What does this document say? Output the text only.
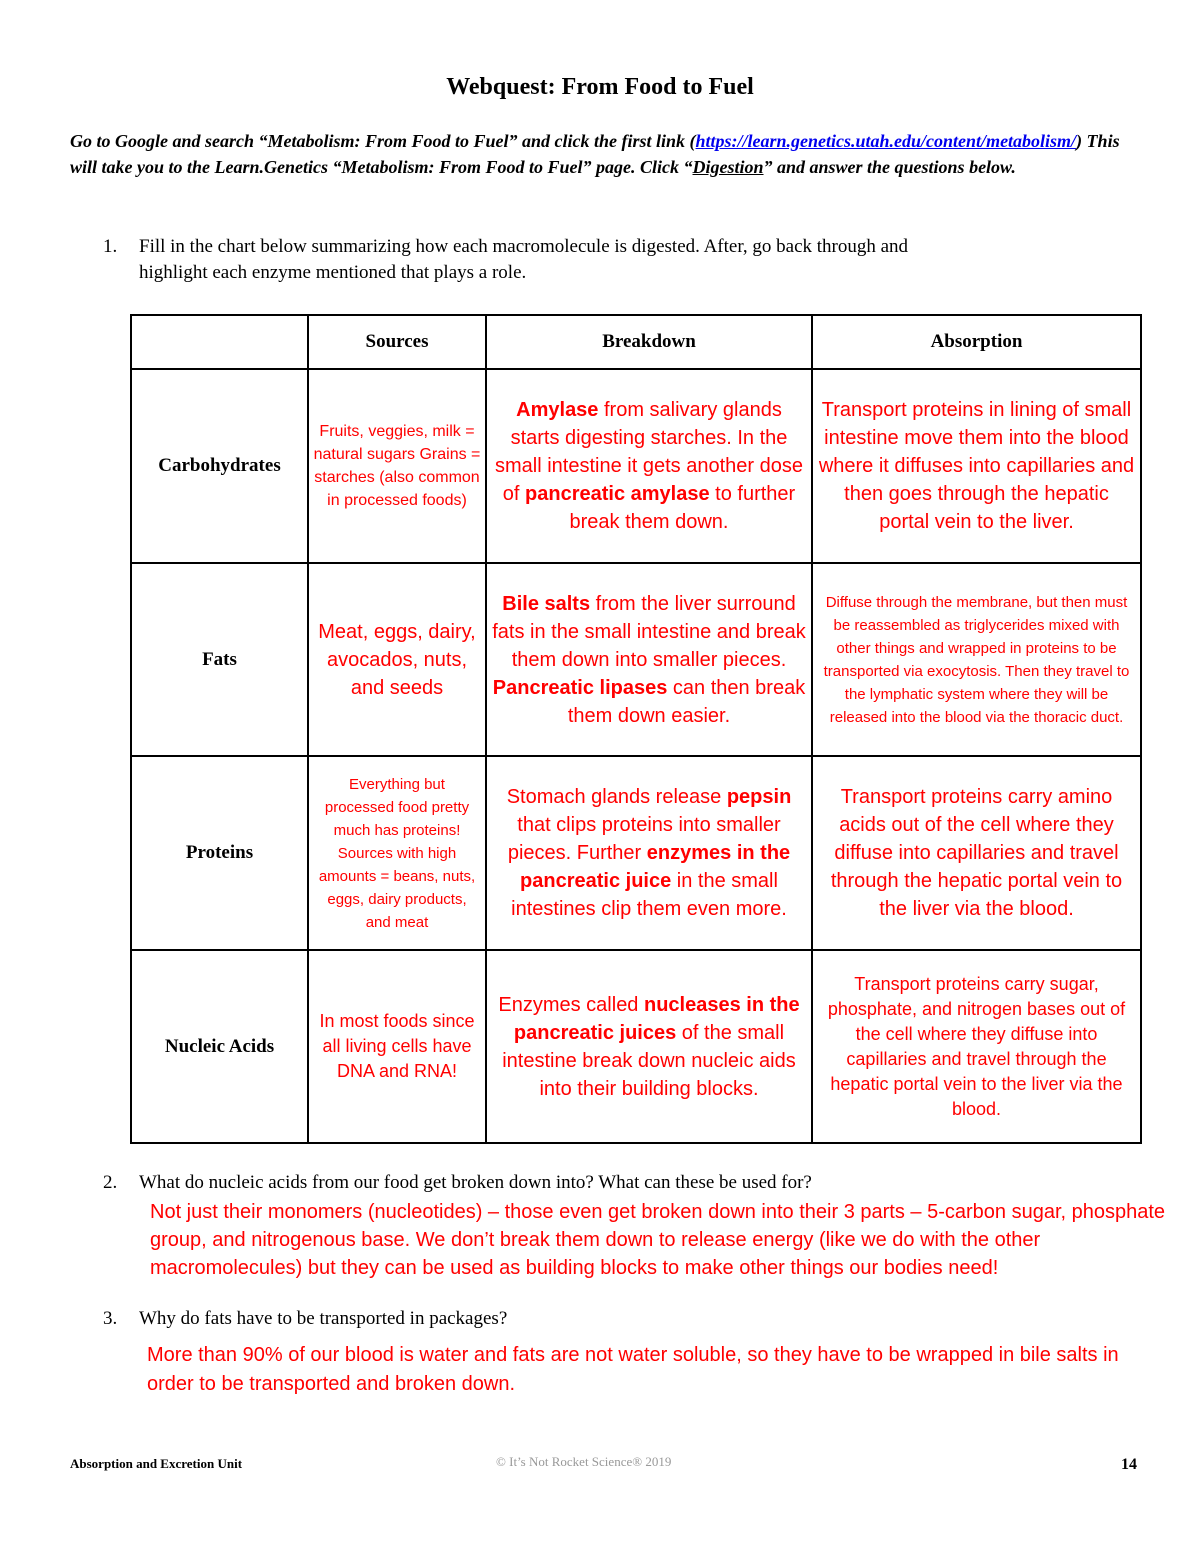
Webquest: From Food to Fuel
Go to Google and search “Metabolism: From Food to Fuel” and click the first link (https://learn.genetics.utah.edu/content/metabolism/) This will take you to the Learn.Genetics “Metabolism: From Food to Fuel” page. Click “Digestion” and answer the questions below.
1. Fill in the chart below summarizing how each macromolecule is digested. After, go back through and
highlight each enzyme mentioned that plays a role.
	Sources	Breakdown	Absorption
Carbohydrates	Fruits, veggies, milk = natural sugars Grains = starches (also common in processed foods)	Amylase from salivary glands starts digesting starches. In the small intestine it gets another dose of pancreatic amylase to further break them down.	Transport proteins in lining of small intestine move them into the blood where it diffuses into capillaries and then goes through the hepatic portal vein to the liver.
Fats	Meat, eggs, dairy, avocados, nuts, and seeds	Bile salts from the liver surround fats in the small intestine and break them down into smaller pieces. Pancreatic lipases can then break them down easier.	Diffuse through the membrane, but then must be reassembled as triglycerides mixed with other things and wrapped in proteins to be transported via exocytosis. Then they travel to the lymphatic system where they will be released into the blood via the thoracic duct.
Proteins	Everything but processed food pretty much has proteins! Sources with high amounts = beans, nuts, eggs, dairy products, and meat	Stomach glands release pepsin that clips proteins into smaller pieces. Further enzymes in the pancreatic juice in the small intestines clip them even more.	Transport proteins carry amino acids out of the cell where they diffuse into capillaries and travel through the hepatic portal vein to the liver via the blood.
Nucleic Acids	In most foods since all living cells have DNA and RNA!	Enzymes called nucleases in the pancreatic juices of the small intestine break down nucleic aids into their building blocks.	Transport proteins carry sugar, phosphate, and nitrogen bases out of the cell where they diffuse into capillaries and travel through the hepatic portal vein to the liver via the blood.
2. What do nucleic acids from our food get broken down into? What can these be used for?
Not just their monomers (nucleotides) – those even get broken down into their 3 parts – 5-carbon sugar, phosphate group, and nitrogenous base. We don’t break them down to release energy (like we do with the other macromolecules) but they can be used as building blocks to make other things our bodies need!
3. Why do fats have to be transported in packages?
More than 90% of our blood is water and fats are not water soluble, so they have to be wrapped in bile salts in order to be transported and broken down.
Absorption and Excretion Unit	© It’s Not Rocket Science® 2019	14
